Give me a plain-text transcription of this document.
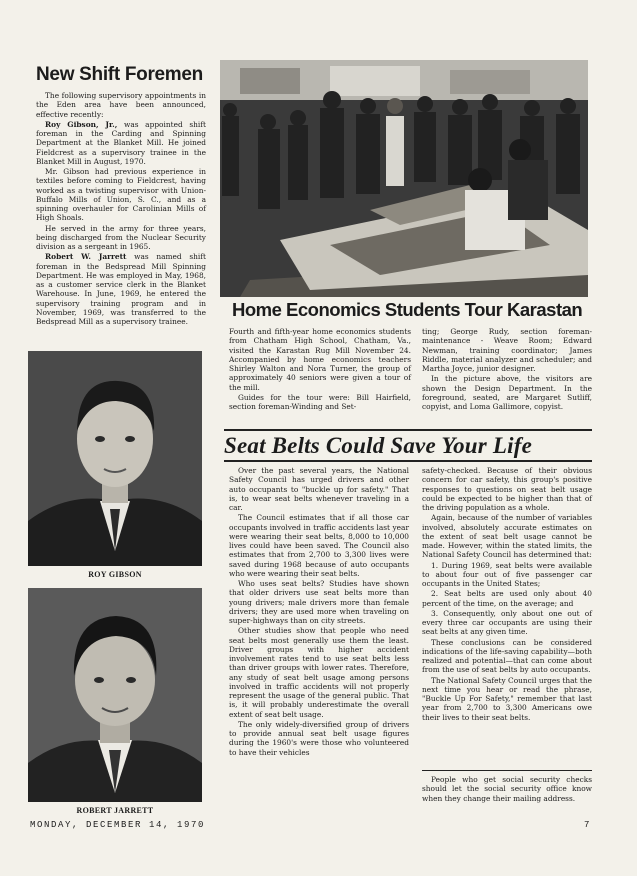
New Shift Foremen

The following supervisory appointments in the Eden area have been announced, effective recently:

Roy Gibson, Jr., was appointed shift foreman in the Carding and Spinning Department at the Blanket Mill. He joined Fieldcrest as a supervisory trainee in the Blanket Mill in August, 1970.

Mr. Gibson had previous experience in textiles before coming to Fieldcrest, having worked as a twisting supervisor with Union-Buffalo Mills of Union, S. C., and as a spinning overhauler for Carolinian Mills of High Shoals.

He served in the army for three years, being discharged from the Nuclear Security division as a sergeant in 1965.

Robert W. Jarrett was named shift foreman in the Bedspread Mill Spinning Department. He was employed in May, 1968, as a customer service clerk in the Blanket Warehouse. In June, 1969, he entered the supervisory training program and in November, 1969, was transferred to the Bedspread Mill as a supervisory trainee.

Home Economics Students Tour Karastan

Fourth and fifth-year home economics students from Chatham High School, Chatham, Va., visited the Karastan Rug Mill November 24. Accompanied by home economics teachers Shirley Walton and Nora Turner, the group of approximately 40 seniors were given a tour of the mill.

Guides for the tour were: Bill Hairfield, section foreman-Winding and Set-

ting; George Rudy, section foreman-maintenance - Weave Room; Edward Newman, training coordinator; James Riddle, material analyzer and scheduler; and Martha Joyce, junior designer.

In the picture above, the visitors are shown the Design Department. In the foreground, seated, are Margaret Sutliff, copyist, and Loma Gallimore, copyist.

Seat Belts Could Save Your Life

Over the past several years, the National Safety Council has urged drivers and other auto occupants to "buckle up for safety." That is, to wear seat belts whenever traveling in a car.

The Council estimates that if all those car occupants involved in traffic accidents last year were wearing their seat belts, 8,000 to 10,000 lives could have been saved. The Council also estimates that from 2,700 to 3,300 lives were saved during 1968 because of auto occupants who were wearing their seat belts.

Who uses seat belts? Studies have shown that older drivers use seat belts more than young drivers; male drivers more than female drivers; they are used more when traveling on super-highways than on city streets.

Other studies show that people who need seat belts most generally use them the least. Driver groups with higher accident involvement rates tend to use seat belts less than driver groups with lower rates. Therefore, any study of seat belt usage among persons involved in traffic accidents will not properly represent the usage of the general public. That is, it will probably underestimate the overall extent of seat belt usage.

The only widely-diversified group of drivers to provide annual seat belt usage figures during the 1960's were those who volunteered to have their vehicles

safety-checked. Because of their obvious concern for car safety, this group's positive responses to questions on seat belt usage could be expected to be higher than that of the driving population as a whole.

Again, because of the number of variables involved, absolutely accurate estimates on the extent of seat belt usage cannot be made. However, within the stated limits, the National Safety Council has determined that:

1. During 1969, seat belts were available to about four out of five passenger car occupants in the United States;

2. Seat belts are used only about 40 percent of the time, on the average; and

3. Consequently, only about one out of every three car occupants are using their seat belts at any given time.

These conclusions can be considered indications of the life-saving capability—both realized and potential—that can come about from the use of seat belts by auto occupants.

The National Safety Council urges that the next time you hear or read the phrase, "Buckle Up For Safety," remember that last year from 2,700 to 3,300 Americans owe their lives to their seat belts.

People who get social security checks should let the social security office know when they change their mailing address.

ROY GIBSON
ROBERT JARRETT
MONDAY, DECEMBER 14, 1970	7
